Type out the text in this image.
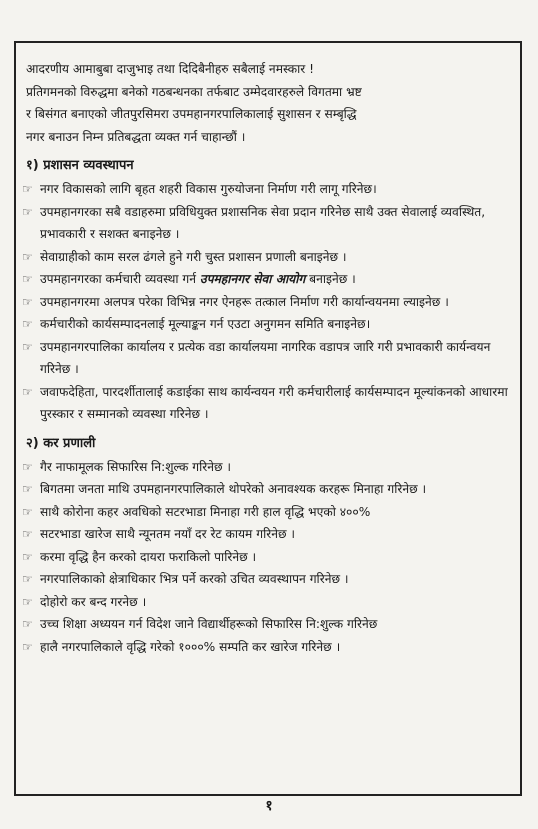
आदरणीय आमाबुबा दाजुभाइ तथा दिदिबैनीहरु सबैलाई नमस्कार !

प्रतिगमनको विरुद्धमा बनेको गठबन्धनका तर्फबाट उम्मेदवारहरुले विगतमा भ्रष्ट

र बिसंगत बनाएको जीतपुरसिमरा उपमहानगरपालिकालाई सुशासन र सम्बृद्धि

नगर बनाउन निम्न प्रतिबद्धता व्यक्त गर्न चाहान्छौं ।

१) प्रशासन व्यवस्थापन
☞ नगर विकासको लागि बृहत शहरी विकास गुरुयोजना निर्माण गरी लागू गरिनेछ।
☞ उपमहानगरका सबै वडाहरुमा प्रविधियुक्त प्रशासनिक सेवा प्रदान गरिनेछ साथै उक्त सेवालाई व्यवस्थित, प्रभावकारी र सशक्त बनाइनेछ ।
☞ सेवाग्राहीको काम सरल ढंगले हुने गरी चुस्त प्रशासन प्रणाली बनाइनेछ ।
☞ उपमहानगरका कर्मचारी व्यवस्था गर्न उपमहानगर सेवा आयोग बनाइनेछ ।
☞ उपमहानगरमा अलपत्र परेका विभिन्न नगर ऐनहरू तत्काल निर्माण गरी कार्यान्वयनमा ल्याइनेछ ।
☞ कर्मचारीको कार्यसम्पादनलाई मूल्याङ्कन गर्न एउटा अनुगमन समिति बनाइनेछ।
☞ उपमहानगरपालिका कार्यालय र प्रत्येक वडा कार्यालयमा नागरिक वडापत्र जारि गरी प्रभावकारी कार्यन्वयन गरिनेछ ।
☞ जवाफदेहिता, पारदर्शीतालाई कडाईका साथ कार्यन्वयन गरी कर्मचारीलाई कार्यसम्पादन मूल्यांकनको आधारमा पुरस्कार र सम्मानको व्यवस्था गरिनेछ ।
२) कर प्रणाली
☞ गैर नाफामूलक सिफारिस नि:शुल्क गरिनेछ ।
☞ बिगतमा जनता माथि उपमहानगरपालिकाले थोपरेको अनावश्यक करहरू मिनाहा गरिनेछ ।
☞ साथै कोरोना कहर अवधिको सटरभाडा मिनाहा गरी हाल वृद्धि भएको ४००%
☞ सटरभाडा खारेज साथै न्यूनतम नयाँ दर रेट कायम गरिनेछ ।
☞ करमा वृद्धि हैन करको दायरा फराकिलो पारिनेछ ।
☞ नगरपालिकाको क्षेत्राधिकार भित्र पर्ने करको उचित व्यवस्थापन गरिनेछ ।
☞ दोहोरो कर बन्द गरनेछ ।
☞ उच्च शिक्षा अध्ययन गर्न विदेश जाने विद्यार्थीहरूको सिफारिस नि:शुल्क गरिनेछ
☞ हालै नगरपालिकाले वृद्धि गरेको १०००% सम्पति कर खारेज गरिनेछ ।
१
